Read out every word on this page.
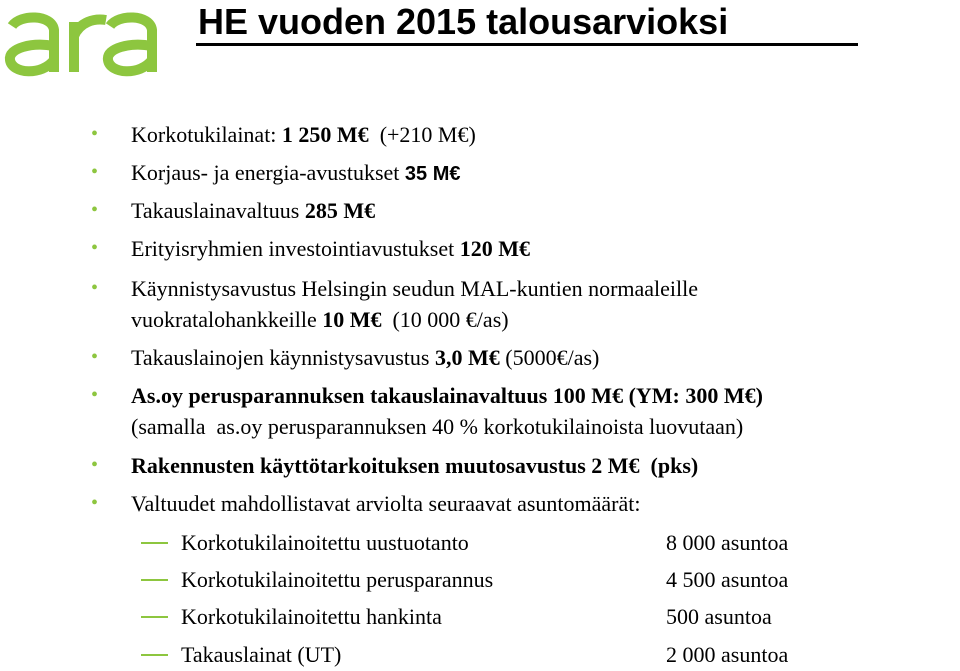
HE vuoden 2015 talousarvioksi
• Korkotukilainat: 1 250 M€  (+210 M€)
• Korjaus- ja energia-avustukset 35 M€
• Takauslainavaltuus 285 M€
• Erityisryhmien investointiavustukset 120 M€
• Käynnistysavustus Helsingin seudun MAL-kuntien normaaleille
vuokratalohankkeille 10 M€  (10 000 €/as)
• Takauslainojen käynnistysavustus 3,0 M€ (5000€/as)
• As.oy perusparannuksen takauslainavaltuus 100 M€ (YM: 300 M€)
(samalla  as.oy perusparannuksen 40 % korkotukilainoista luovutaan)
• Rakennusten käyttötarkoituksen muutosavustus 2 M€  (pks)
• Valtuudet mahdollistavat arviolta seuraavat asuntomäärät:
Korkotukilainoitettu uustuotanto	8 000 asuntoa
Korkotukilainoitettu perusparannus	4 500 asuntoa
Korkotukilainoitettu hankinta	500 asuntoa
Takauslainat (UT)	2 000 asuntoa
